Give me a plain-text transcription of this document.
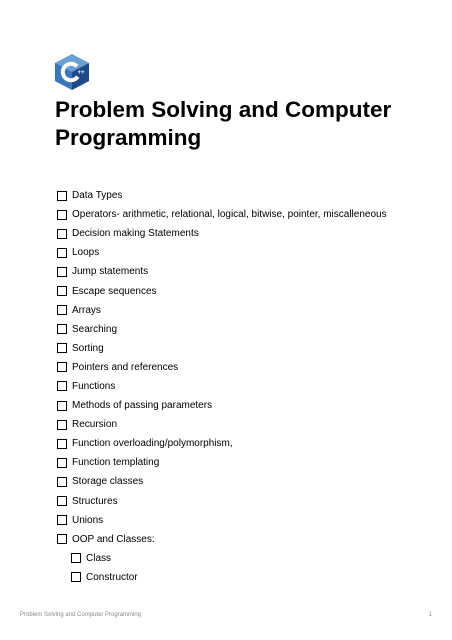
++
Problem Solving and Computer Programming
Data Types
Operators- arithmetic, relational, logical, bitwise, pointer, miscalleneous
Decision making Statements
Loops
Jump statements
Escape sequences
Arrays
Searching
Sorting
Pointers and references
Functions
Methods of passing parameters
Recursion
Function overloading/polymorphism,
Function templating
Storage classes
Structures
Unions
OOP and Classes:
Class
Constructor
Problem Solving and Computer Programming	1
